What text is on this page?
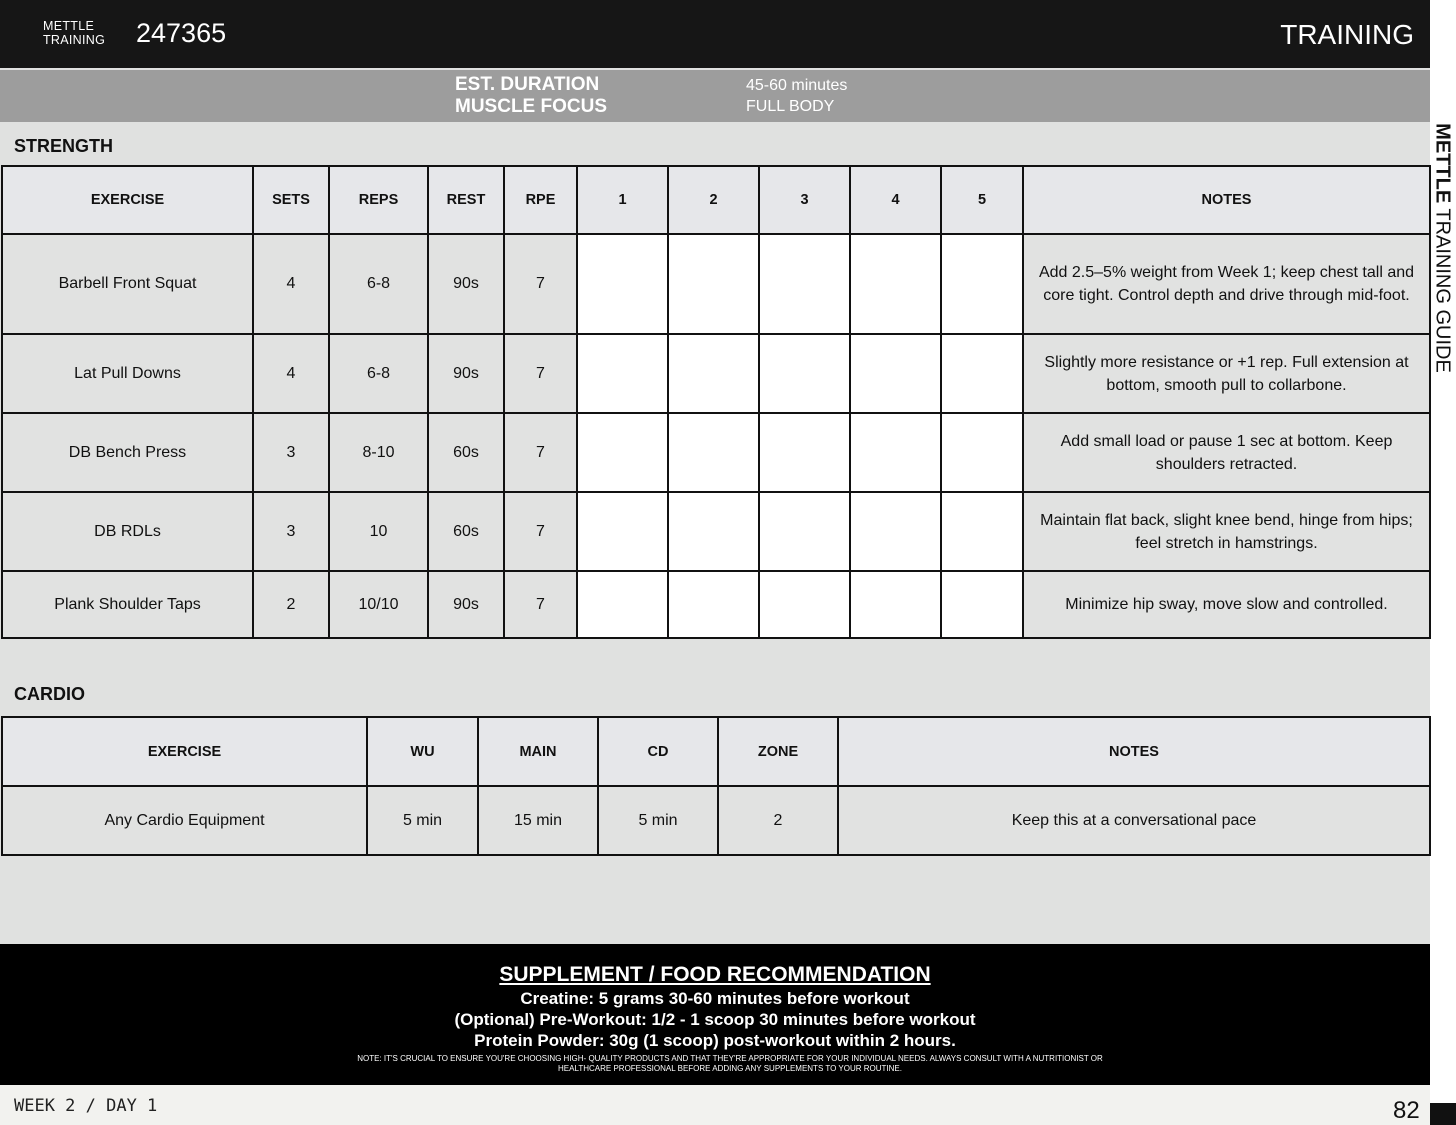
METTLE
TRAINING 247365	TRAINING
METTLE TRAINING GUIDE
EST. DURATION	45-60 minutes
MUSCLE FOCUS	FULL BODY
STRENGTH
EXERCISE	SETS	REPS	REST	RPE	1	2	3	4	5	NOTES
Barbell Front Squat	4	6-8	90s	7						Add 2.5–5% weight from Week 1; keep chest tall and core tight. Control depth and drive through mid-foot.
Lat Pull Downs	4	6-8	90s	7						Slightly more resistance or +1 rep. Full extension at bottom, smooth pull to collarbone.
DB Bench Press	3	8-10	60s	7						Add small load or pause 1 sec at bottom. Keep shoulders retracted.
DB RDLs	3	10	60s	7						Maintain flat back, slight knee bend, hinge from hips; feel stretch in hamstrings.
Plank Shoulder Taps	2	10/10	90s	7						Minimize hip sway, move slow and controlled.
CARDIO
EXERCISE	WU	MAIN	CD	ZONE	NOTES
Any Cardio Equipment	5 min	15 min	5 min	2	Keep this at a conversational pace
SUPPLEMENT / FOOD RECOMMENDATION
Creatine: 5 grams 30-60 minutes before workout
(Optional) Pre-Workout: 1/2 - 1 scoop 30 minutes before workout
Protein Powder: 30g (1 scoop) post-workout within 2 hours.
NOTE: IT'S CRUCIAL TO ENSURE YOU'RE CHOOSING HIGH- QUALITY PRODUCTS AND THAT THEY'RE APPROPRIATE FOR YOUR INDIVIDUAL NEEDS. ALWAYS CONSULT WITH A NUTRITIONIST OR HEALTHCARE PROFESSIONAL BEFORE ADDING ANY SUPPLEMENTS TO YOUR ROUTINE.
WEEK 2 / DAY 1	82
